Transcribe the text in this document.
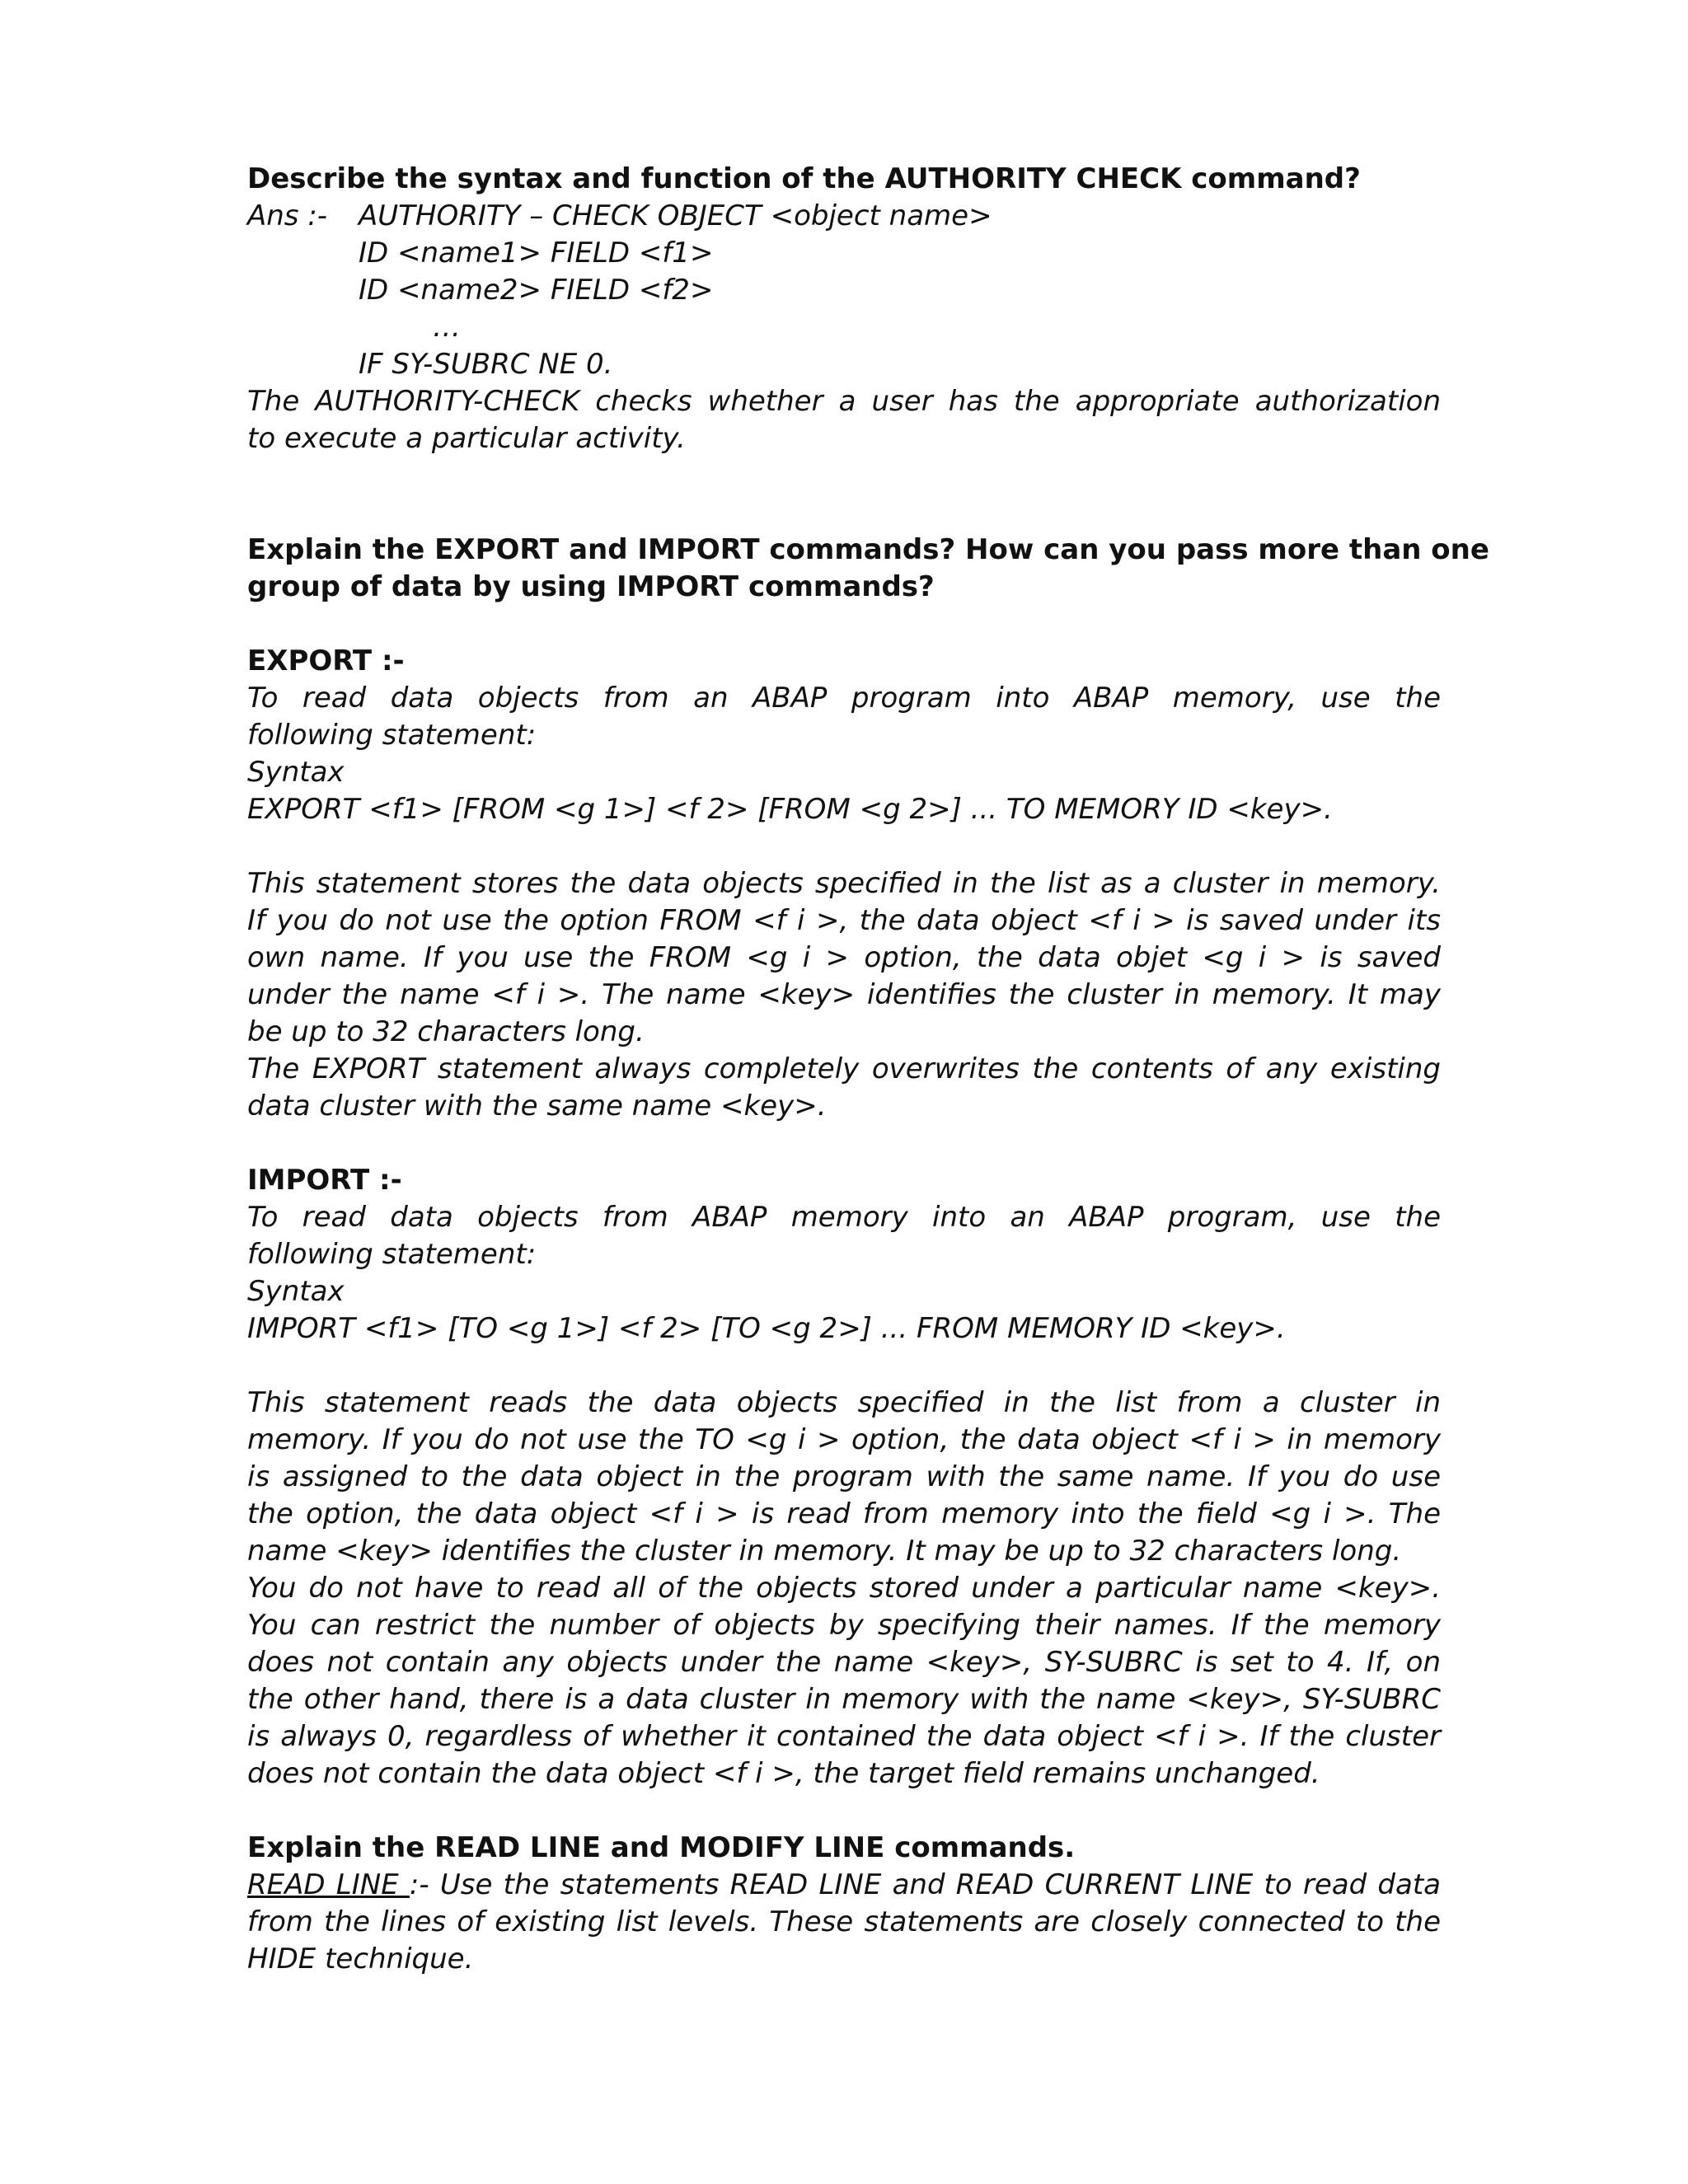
Describe the syntax and function of the AUTHORITY CHECK command?
Ans :- AUTHORITY – CHECK OBJECT <object name>
ID <name1> FIELD <f1>
ID <name2> FIELD <f2>
…
IF SY-SUBRC NE 0.
The AUTHORITY-CHECK checks whether a user has the appropriate authorization
to execute a particular activity.
Explain the EXPORT and IMPORT commands? How can you pass more than one
group of data by using IMPORT commands?
EXPORT :-
To read data objects from an ABAP program into ABAP memory, use the
following statement:
Syntax
EXPORT <f1> [FROM <g 1>] <f 2> [FROM <g 2>] ... TO MEMORY ID <key>.
This statement stores the data objects specified in the list as a cluster in memory.
If you do not use the option FROM <f i >, the data object <f i > is saved under its
own name. If you use the FROM <g i > option, the data objet <g i > is saved
under the name <f i >. The name <key> identifies the cluster in memory. It may
be up to 32 characters long.
The EXPORT statement always completely overwrites the contents of any existing
data cluster with the same name <key>.
IMPORT :-
To read data objects from ABAP memory into an ABAP program, use the
following statement:
Syntax
IMPORT <f1> [TO <g 1>] <f 2> [TO <g 2>] ... FROM MEMORY ID <key>.
This statement reads the data objects specified in the list from a cluster in
memory. If you do not use the TO <g i > option, the data object <f i > in memory
is assigned to the data object in the program with the same name. If you do use
the option, the data object <f i > is read from memory into the field <g i >. The
name <key> identifies the cluster in memory. It may be up to 32 characters long.
You do not have to read all of the objects stored under a particular name <key>.
You can restrict the number of objects by specifying their names. If the memory
does not contain any objects under the name <key>, SY-SUBRC is set to 4. If, on
the other hand, there is a data cluster in memory with the name <key>, SY-SUBRC
is always 0, regardless of whether it contained the data object <f i >. If the cluster
does not contain the data object <f i >, the target field remains unchanged.
Explain the READ LINE and MODIFY LINE commands.
READ LINE :- Use the statements READ LINE and READ CURRENT LINE to read data
from the lines of existing list levels. These statements are closely connected to the
HIDE technique.
